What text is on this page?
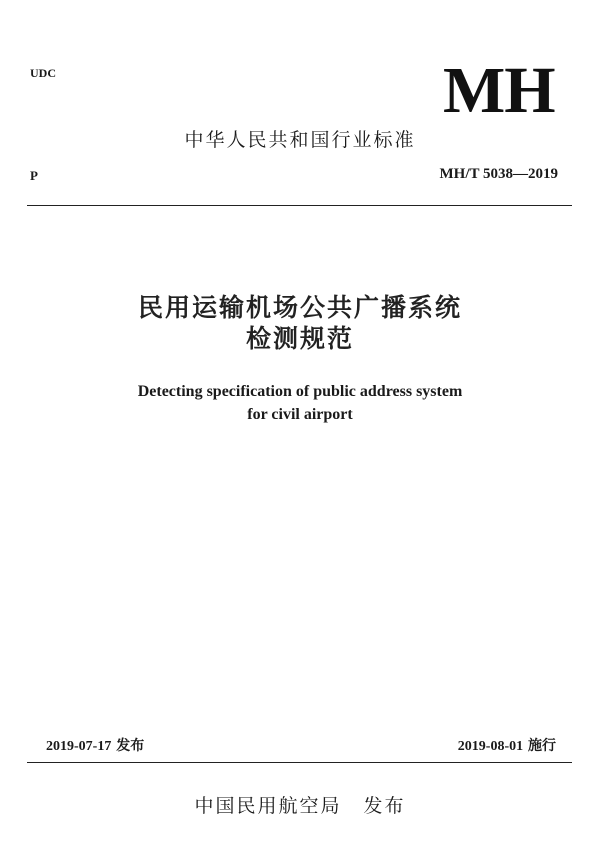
UDC	MH
中华人民共和国行业标准
P	MH/T 5038—2019
民用运输机场公共广播系统
检测规范
Detecting specification of public address system
for civil airport
2019-07-17 发布	2019-08-01 施行
中国民用航空局 发布
